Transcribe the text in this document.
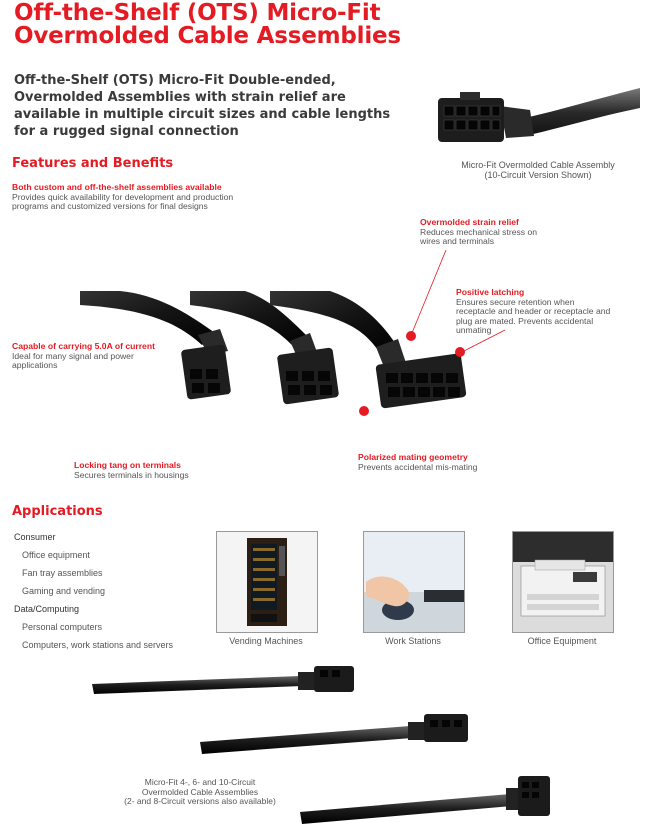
Off-the-Shelf (OTS) Micro-Fit
Overmolded Cable Assemblies
Off-the-Shelf (OTS) Micro-Fit Double-ended, Overmolded Assemblies with strain relief are available in multiple circuit sizes and cable lengths for a rugged signal connection
Micro-Fit Overmolded Cable Assembly
(10-Circuit Version Shown)
Features and Benefits
Both custom and off-the-shelf assemblies available
Provides quick availability for development and production programs and customized versions for final designs
Overmolded strain relief
Reduces mechanical stress on wires and terminals
Positive latching
Ensures secure retention when receptacle and header or receptacle and plug are mated. Prevents accidental unmating
Capable of carrying 5.0A of current
Ideal for many signal and power applications
Polarized mating geometry
Prevents accidental mis-mating
Locking tang on terminals
Secures terminals in housings
Applications
Consumer
Office equipment
Fan tray assemblies
Gaming and vending
Data/Computing
Personal computers
Computers, work stations and servers	Vending Machines	Work Stations	Office Equipment
Micro-Fit 4-, 6- and 10-Circuit
Overmolded Cable Assemblies
(2- and 8-Circuit versions also available)
